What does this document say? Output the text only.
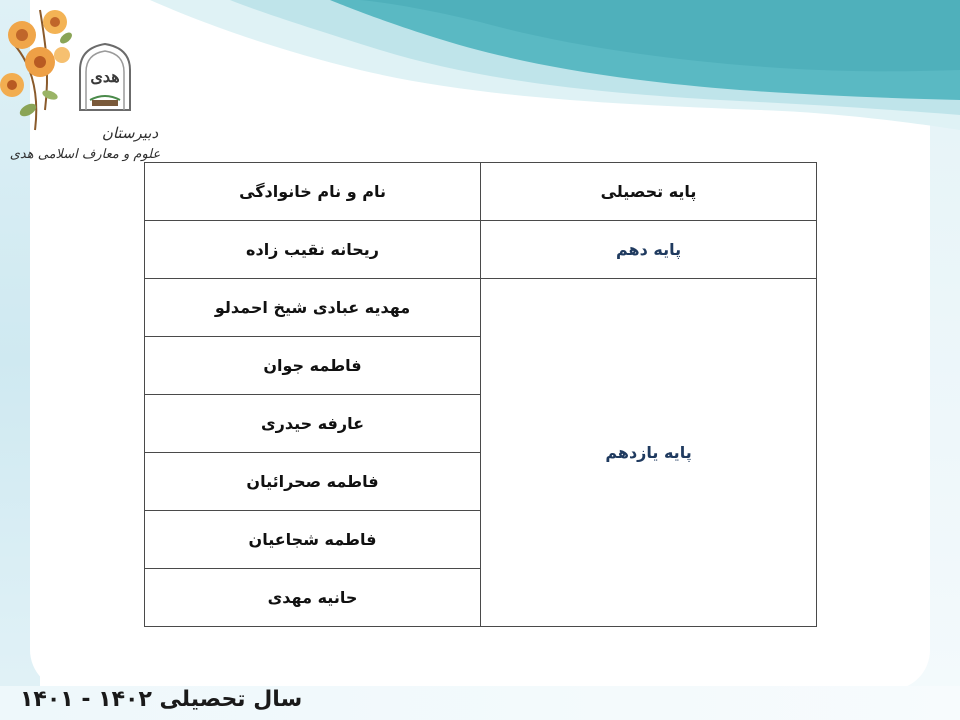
هدی
دبیرستان
علوم و معارف اسلامی هدی
پایه تحصیلی	نام و نام خانوادگی
پایه دهم	ریحانه نقیب زاده
پایه یازدهم	مهدیه عبادی شیخ احمدلو
	فاطمه جوان
	عارفه حیدری
	فاطمه صحرائیان
	فاطمه شجاعیان
	حانیه مهدی
سال تحصیلی ۱۴۰۲ - ۱۴۰۱
